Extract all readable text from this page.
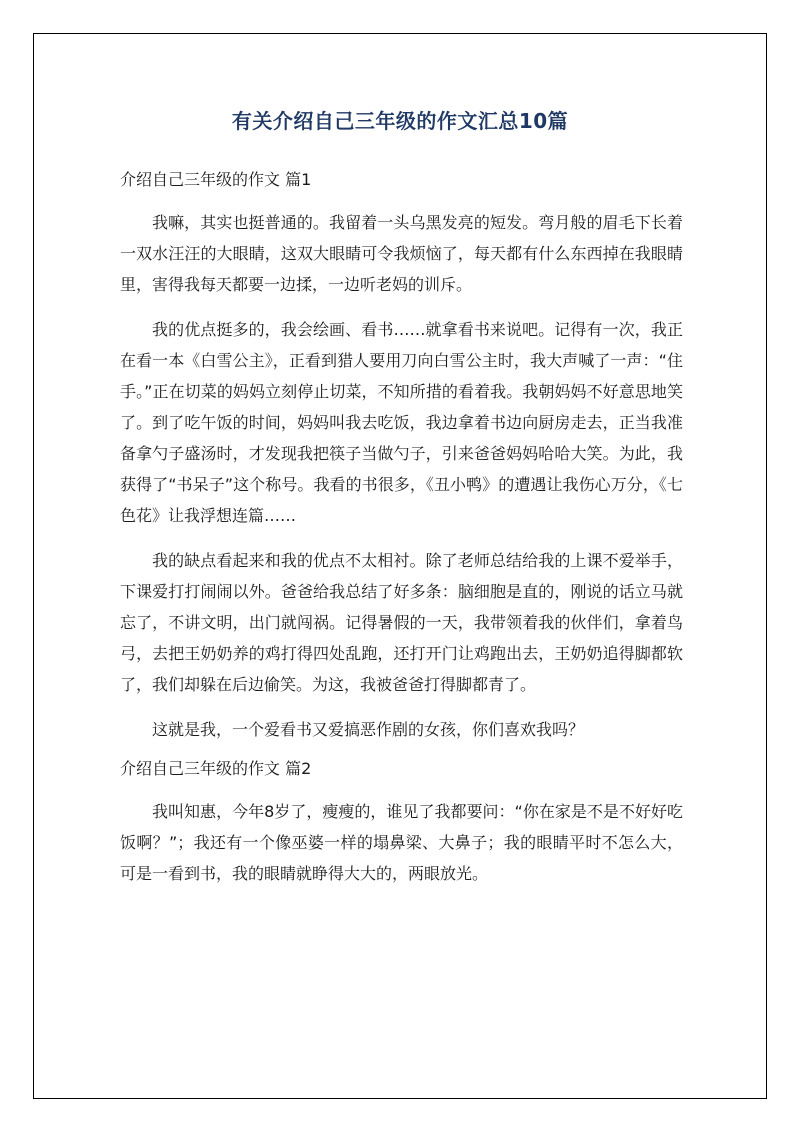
有关介绍自己三年级的作文汇总10篇
介绍自己三年级的作文 篇1

我嘛，其实也挺普通的。我留着一头乌黑发亮的短发。弯月般的眉毛下长着一双水汪汪的大眼睛，这双大眼睛可令我烦恼了，每天都有什么东西掉在我眼睛里，害得我每天都要一边揉，一边听老妈的训斥。

我的优点挺多的，我会绘画、看书……就拿看书来说吧。记得有一次，我正在看一本《白雪公主》，正看到猎人要用刀向白雪公主时，我大声喊了一声：“住手。”正在切菜的妈妈立刻停止切菜，不知所措的看着我。我朝妈妈不好意思地笑了。到了吃午饭的时间，妈妈叫我去吃饭，我边拿着书边向厨房走去，正当我准备拿勺子盛汤时，才发现我把筷子当做勺子，引来爸爸妈妈哈哈大笑。为此，我获得了“书呆子”这个称号。我看的书很多，《丑小鸭》的遭遇让我伤心万分，《七色花》让我浮想连篇……

我的缺点看起来和我的优点不太相衬。除了老师总结给我的上课不爱举手，下课爱打打闹闹以外。爸爸给我总结了好多条：脑细胞是直的，刚说的话立马就忘了，不讲文明，出门就闯祸。记得暑假的一天，我带领着我的伙伴们，拿着鸟弓，去把王奶奶养的鸡打得四处乱跑，还打开门让鸡跑出去，王奶奶追得脚都软了，我们却躲在后边偷笑。为这，我被爸爸打得脚都青了。

这就是我，一个爱看书又爱搞恶作剧的女孩，你们喜欢我吗？

介绍自己三年级的作文 篇2

我叫知惠，今年8岁了，瘦瘦的，谁见了我都要问：“你在家是不是不好好吃饭啊？”；我还有一个像巫婆一样的塌鼻梁、大鼻子；我的眼睛平时不怎么大，可是一看到书，我的眼睛就睁得大大的，两眼放光。
